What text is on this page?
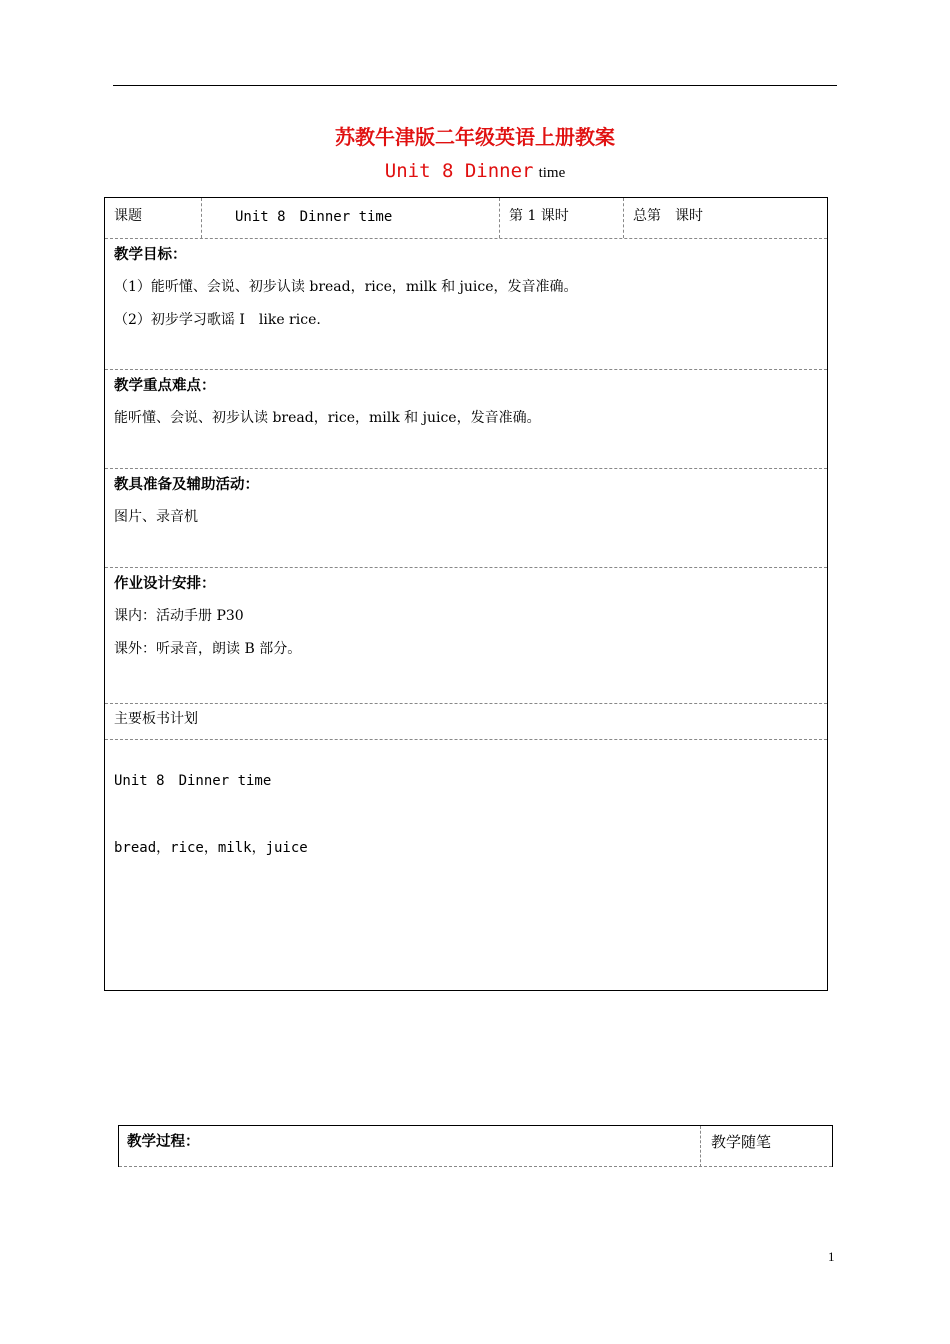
苏教牛津版二年级英语上册教案
Unit 8 Dinner time
课题	Unit 8　Dinner time	第 1 课时	总第　课时
教学目标：
（1）能听懂、会说、初步认读 bread，rice，milk 和 juice，发音准确。
（2）初步学习歌谣 I　like rice.
教学重点难点：
能听懂、会说、初步认读 bread，rice，milk 和 juice，发音准确。
教具准备及辅助活动：
图片、录音机
作业设计安排：
课内：活动手册 P30
课外：听录音，朗读 B 部分。
主要板书计划
Unit 8　Dinner time
bread，rice，milk，juice
教学过程：	教学随笔
1
